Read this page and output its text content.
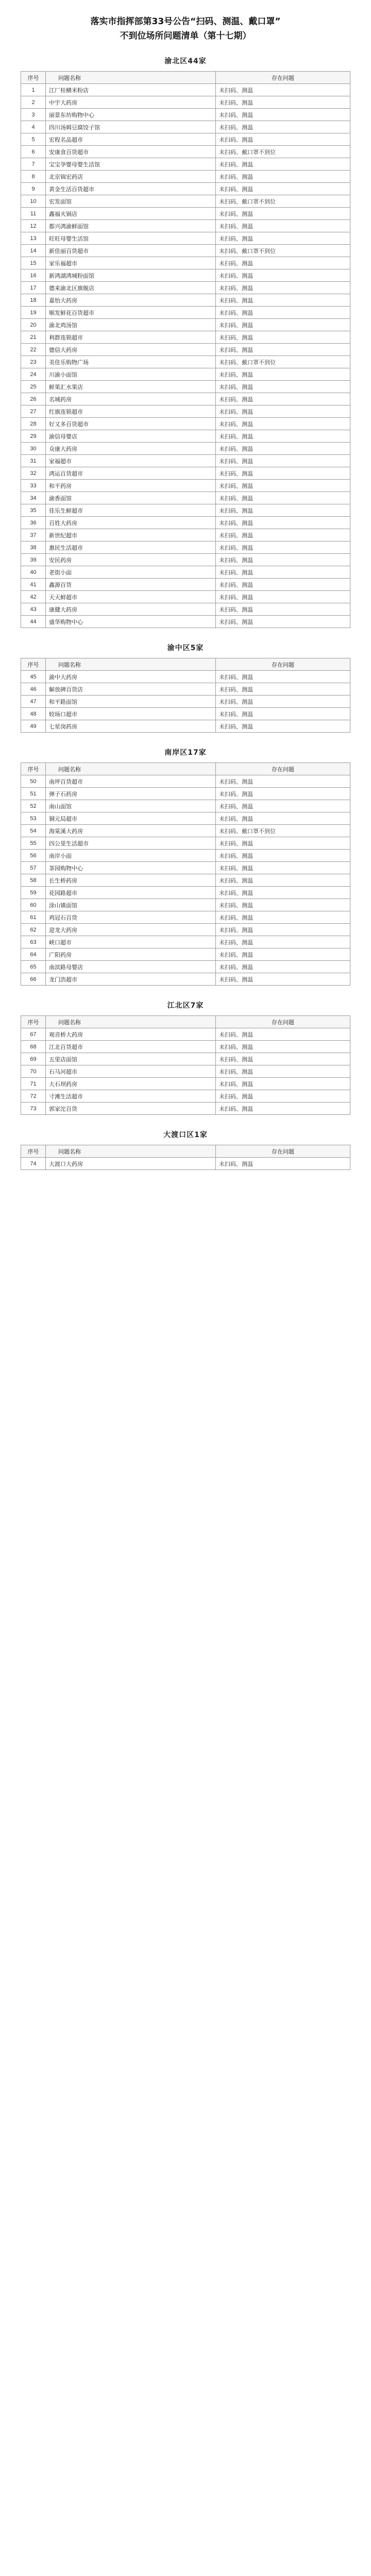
落实市指挥部第33号公告“扫码、测温、戴口罩”
不到位场所问题清单（第十七期）
渝北区44家
序号	问题名称	存在问题
1	江厂桂鳝米粉店	未扫码、测温
2	中宇大药房	未扫码、测温
3	丽景东坊购物中心	未扫码、测温
4	四川汤姆豆腐饺子馆	未扫码、测温
5	宏程名品超市	未扫码、测温
6	安康食百货超市	未扫码、戴口罩不到位
7	宝宝孕婴母婴生活馆	未扫码、测温
8	北京锦宏药店	未扫码、测温
9	黄金生活百货超市	未扫码、测温
10	宏发面馆	未扫码、戴口罩不到位
11	鑫福火锅店	未扫码、测温
12	都兴鸿渝鲜面馆	未扫码、测温
13	旺旺母婴生活馆	未扫码、测温
14	新佳丽百货超市	未扫码、戴口罩不到位
15	家乐福超市	未扫码、测温
16	新鸿湖鸿城粉面馆	未扫码、测温
17	德来渝北区旗舰店	未扫码、测温
18	嘉怡大药房	未扫码、测温
19	顺发鲜花百货超市	未扫码、测温
20	渝北鸡汤馆	未扫码、测温
21	利群连锁超市	未扫码、测温
22	德信大药房	未扫码、测温
23	美佳乐购物广场	未扫码、戴口罩不到位
24	川渝小面馆	未扫码、测温
25	鲜果汇水果店	未扫码、测温
26	名城药房	未扫码、测温
27	红旗连锁超市	未扫码、测温
28	好又多百货超市	未扫码、测温
29	渝信母婴店	未扫码、测温
30	众康大药房	未扫码、测温
31	家福超市	未扫码、测温
32	鸿运百货超市	未扫码、测温
33	和平药房	未扫码、测温
34	渝香面馆	未扫码、测温
35	佳乐生鲜超市	未扫码、测温
36	百姓大药房	未扫码、测温
37	新世纪超市	未扫码、测温
38	惠民生活超市	未扫码、测温
39	安民药房	未扫码、测温
40	老街小面	未扫码、测温
41	鑫源百货	未扫码、测温
42	天天鲜超市	未扫码、测温
43	康健大药房	未扫码、测温
44	盛华购物中心	未扫码、测温
渝中区5家
序号	问题名称	存在问题
45	渝中大药房	未扫码、测温
46	解放碑百货店	未扫码、测温
47	和平路面馆	未扫码、测温
48	较场口超市	未扫码、测温
49	七星岗药房	未扫码、测温
南岸区17家
序号	问题名称	存在问题
50	南坪百货超市	未扫码、测温
51	弹子石药房	未扫码、测温
52	南山面馆	未扫码、测温
53	铜元局超市	未扫码、测温
54	海棠溪大药房	未扫码、戴口罩不到位
55	四公里生活超市	未扫码、测温
56	南岸小面	未扫码、测温
57	茶园购物中心	未扫码、测温
58	长生桥药房	未扫码、测温
59	花园路超市	未扫码、测温
60	涂山镇面馆	未扫码、测温
61	鸡冠石百货	未扫码、测温
62	迎龙大药房	未扫码、测温
63	峡口超市	未扫码、测温
64	广阳药房	未扫码、测温
65	南滨路母婴店	未扫码、测温
66	龙门浩超市	未扫码、测温
江北区7家
序号	问题名称	存在问题
67	观音桥大药房	未扫码、测温
68	江北百货超市	未扫码、测温
69	五里店面馆	未扫码、测温
70	石马河超市	未扫码、测温
71	大石坝药房	未扫码、测温
72	寸滩生活超市	未扫码、测温
73	郭家沱百货	未扫码、测温
大渡口区1家
序号	问题名称	存在问题
74	大渡口大药房	未扫码、测温
